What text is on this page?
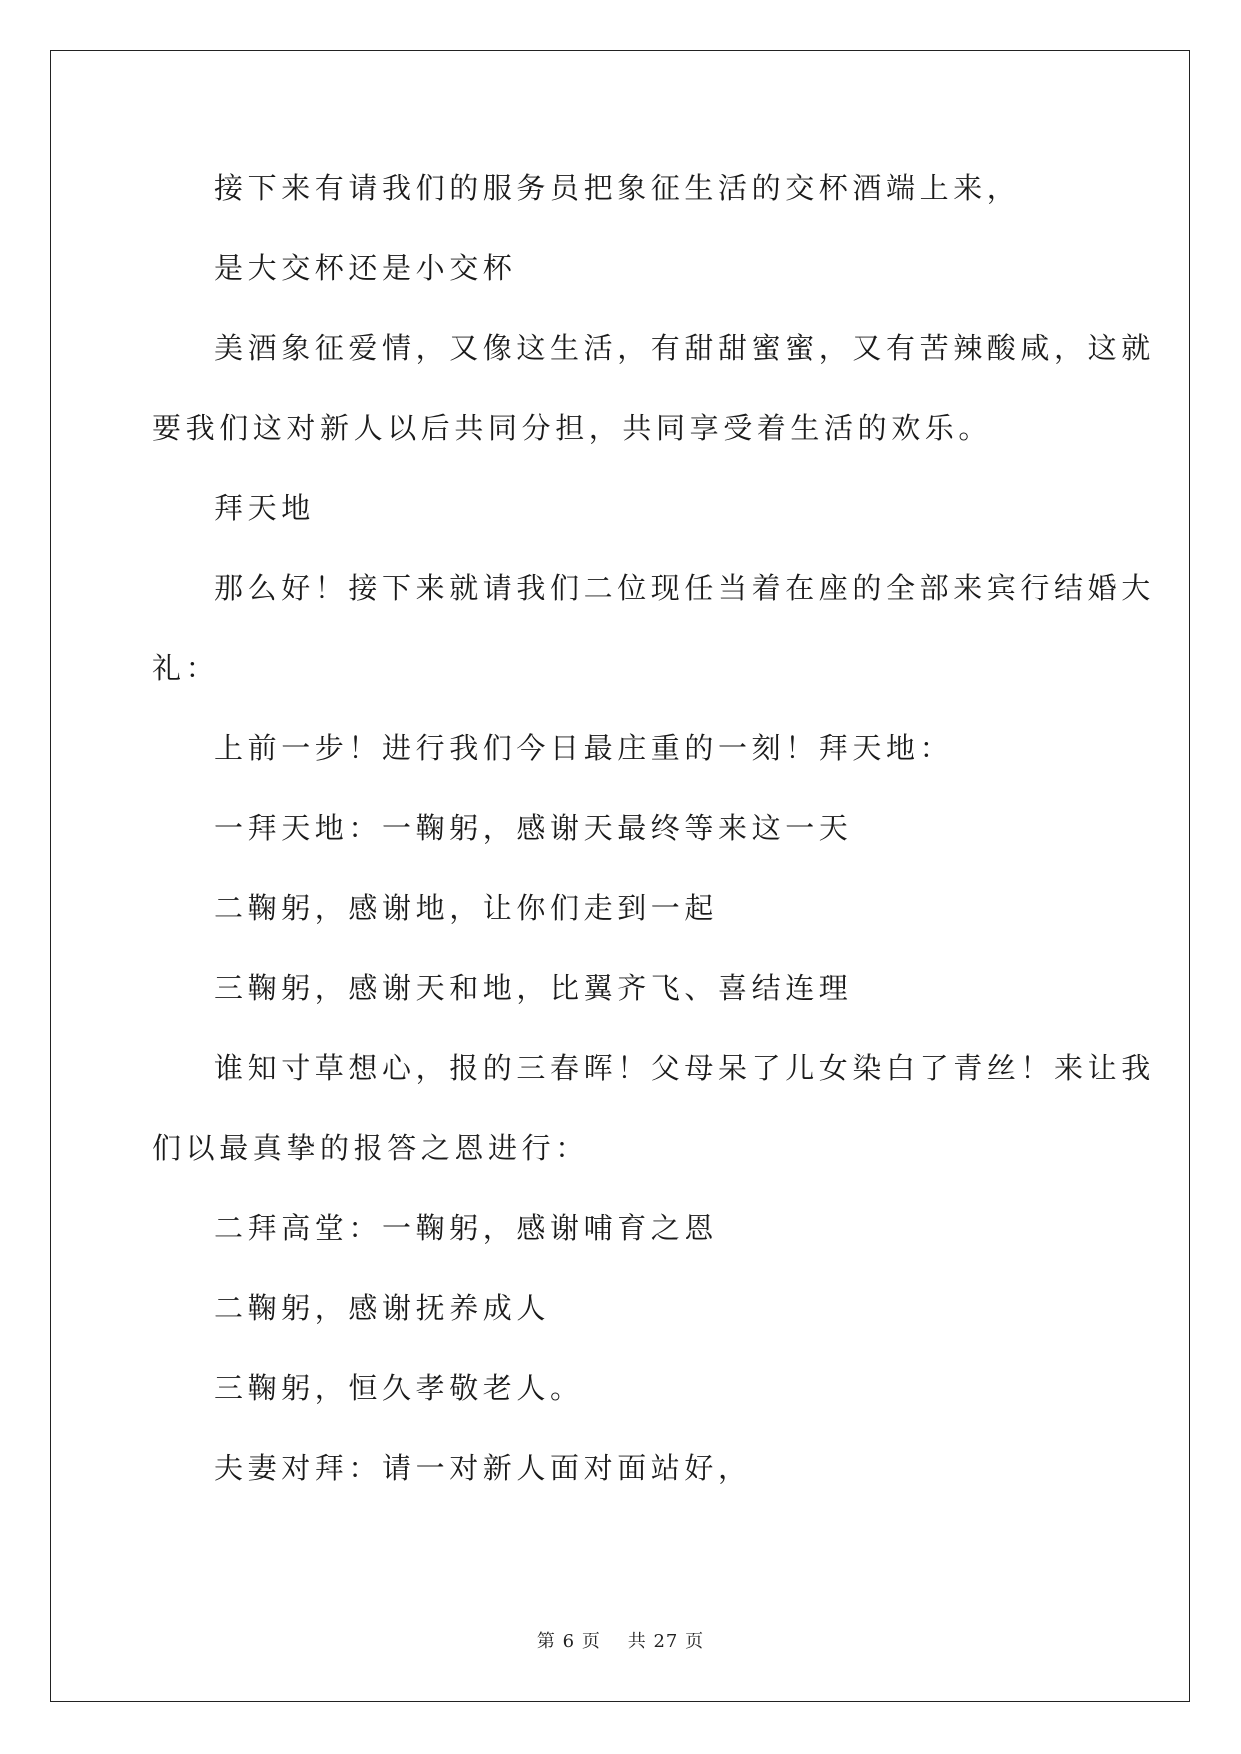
接下来有请我们的服务员把象征生活的交杯酒端上来，

是大交杯还是小交杯

美酒象征爱情，又像这生活，有甜甜蜜蜜，又有苦辣酸咸，这就

要我们这对新人以后共同分担，共同享受着生活的欢乐。

拜天地

那么好！接下来就请我们二位现任当着在座的全部来宾行结婚大

礼：

上前一步！进行我们今日最庄重的一刻！拜天地：

一拜天地：一鞠躬，感谢天最终等来这一天

二鞠躬，感谢地，让你们走到一起

三鞠躬，感谢天和地，比翼齐飞、喜结连理

谁知寸草想心，报的三春晖！父母呆了儿女染白了青丝！来让我

们以最真挚的报答之恩进行：

二拜高堂：一鞠躬，感谢哺育之恩

二鞠躬，感谢抚养成人

三鞠躬，恒久孝敬老人。

夫妻对拜：请一对新人面对面站好，

第 6 页 共 27 页
